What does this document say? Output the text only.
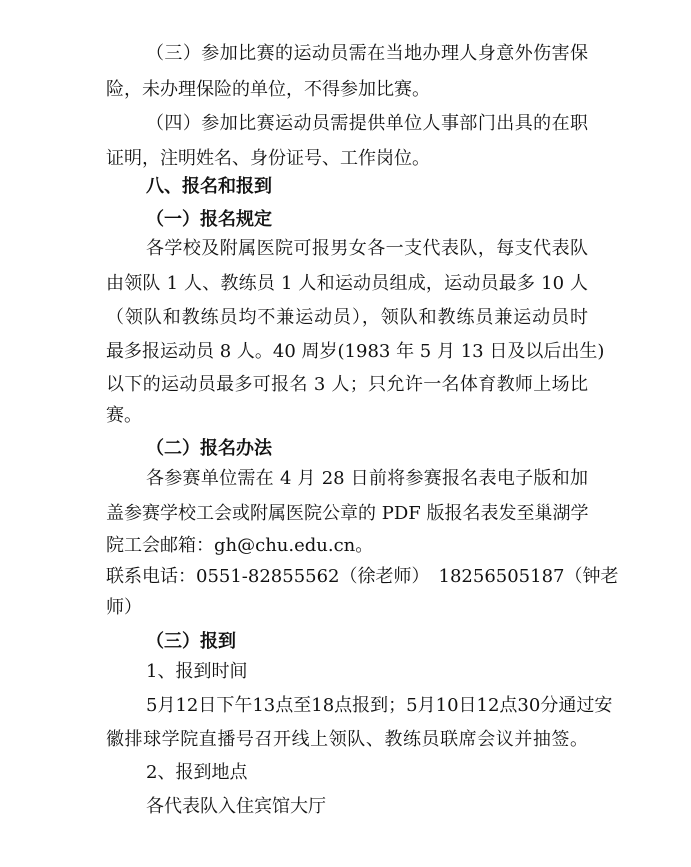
（三）参加比赛的运动员需在当地办理人身意外伤害保
险，未办理保险的单位，不得参加比赛。
（四）参加比赛运动员需提供单位人事部门出具的在职
证明，注明姓名、身份证号、工作岗位。
八、报名和报到
（一）报名规定
各学校及附属医院可报男女各一支代表队，每支代表队
由领队 1 人、教练员 1 人和运动员组成，运动员最多 10 人
（领队和教练员均不兼运动员），领队和教练员兼运动员时
最多报运动员 8 人。40 周岁(1983 年 5 月 13 日及以后出生)
以下的运动员最多可报名 3 人；只允许一名体育教师上场比
赛。
（二）报名办法
各参赛单位需在 4 月 28 日前将参赛报名表电子版和加
盖参赛学校工会或附属医院公章的 PDF 版报名表发至巢湖学
院工会邮箱：gh@chu.edu.cn。
联系电话：0551-82855562（徐老师）　18256505187（钟老
师）
（三）报到
1、报到时间
5月12日下午13点至18点报到；5月10日12点30分通过安
徽排球学院直播号召开线上领队、教练员联席会议并抽签。
2、报到地点
各代表队入住宾馆大厅
